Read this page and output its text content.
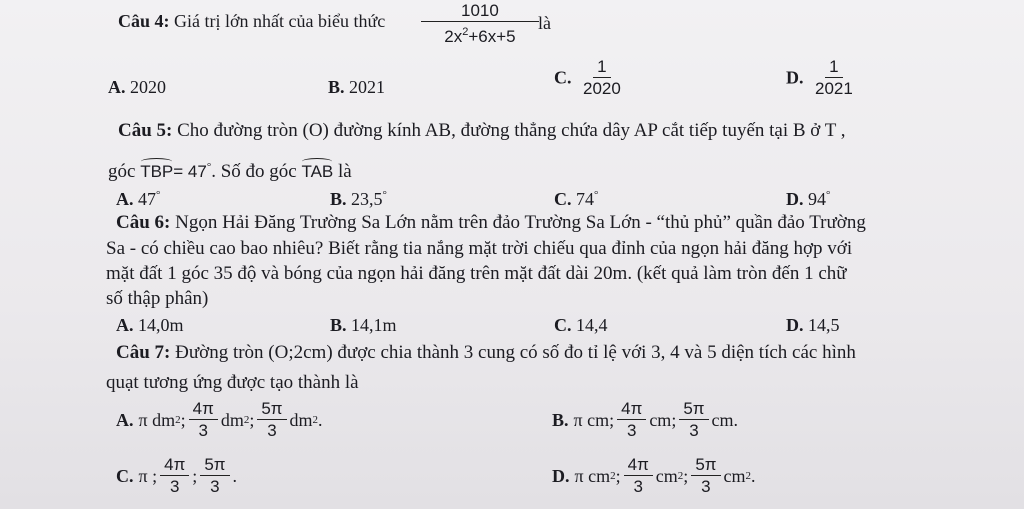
Câu 4: Giá trị lớn nhất của biểu thức $\frac{1010}{2x^2+6x+5}$ là
A. 2020	B. 2021	C. $\frac{1}{2020}$	D. $\frac{1}{2021}$
Câu 5: Cho đường tròn (O) đường kính AB, đường thẳng chứa dây AP cắt tiếp tuyến tại B ở T ,
góc TBP= 47°. Số đo góc TAB là
A. 47°	B. 23,5°	C. 74°	D. 94°
Câu 6: Ngọn Hải Đăng Trường Sa Lớn nằm trên đảo Trường Sa Lớn - “thủ phủ” quần đảo Trường
Sa - có chiều cao bao nhiêu? Biết rằng tia nắng mặt trời chiếu qua đỉnh của ngọn hải đăng hợp với
mặt đất 1 góc 35 độ và bóng của ngọn hải đăng trên mặt đất dài 20m. (kết quả làm tròn đến 1 chữ
số thập phân)
A. 14,0m	B. 14,1m	C. 14,4	D. 14,5
Câu 7: Đường tròn (O;2cm) được chia thành 3 cung có số đo tỉ lệ với 3, 4 và 5 diện tích các hình
quạt tương ứng được tạo thành là
A. π
dm 2 ; $\frac{4\pi}{3}$ dm 2 ; $\frac{5\pi}{3}$ dm 2 .	B. π
cm ; $\frac{4\pi}{3}$ cm ; $\frac{5\pi}{3}$ cm .
C. π
; $\frac{4\pi}{3}$ ; $\frac{5\pi}{3}$ .	D. π
cm 2 ; $\frac{4\pi}{3}$ cm 2 ; $\frac{5\pi}{3}$ cm 2 .
